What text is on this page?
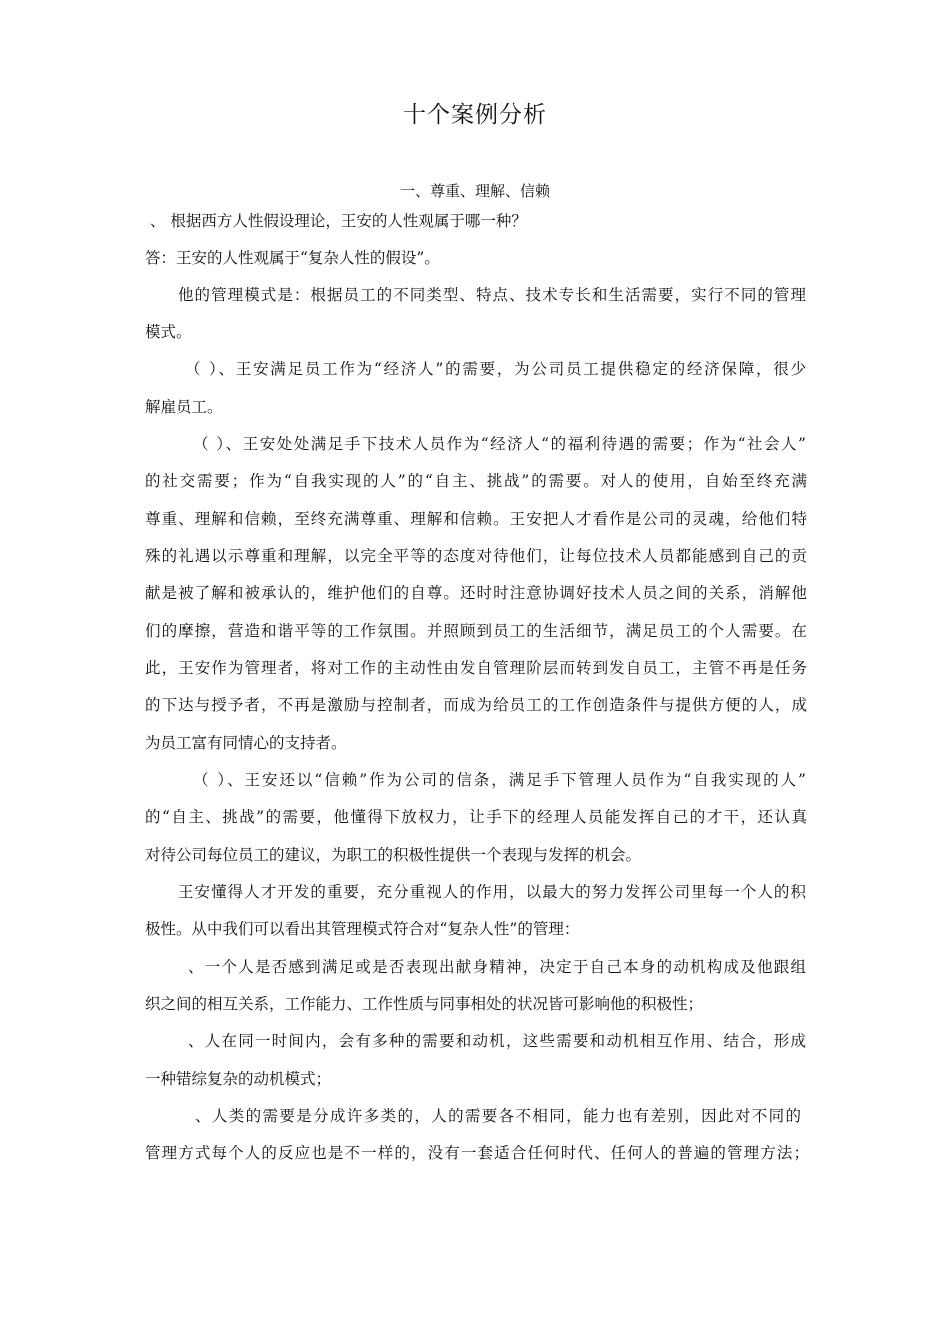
十个案例分析
一、尊重、理解、信赖
、 根据西方人性假设理论，王安的人性观属于哪一种？
答：王安的人性观属于“复杂人性的假设”。
他的管理模式是：根据员工的不同类型、特点、技术专长和生活需要，实行不同的管理
模式。
（ ）、王安满足员工作为“经济人”的需要，为公司员工提供稳定的经济保障，很少
解雇员工。
（ ）、王安处处满足手下技术人员作为“经济人“的福利待遇的需要；作为“社会人”
的社交需要；作为“自我实现的人”的“自主、挑战”的需要。对人的使用，自始至终充满
尊重、理解和信赖，至终充满尊重、理解和信赖。王安把人才看作是公司的灵魂，给他们特
殊的礼遇以示尊重和理解，以完全平等的态度对待他们，让每位技术人员都能感到自己的贡
献是被了解和被承认的，维护他们的自尊。还时时注意协调好技术人员之间的关系，消解他
们的摩擦，营造和谐平等的工作氛围。并照顾到员工的生活细节，满足员工的个人需要。在
此，王安作为管理者，将对工作的主动性由发自管理阶层而转到发自员工，主管不再是任务
的下达与授予者，不再是激励与控制者，而成为给员工的工作创造条件与提供方便的人，成
为员工富有同情心的支持者。
（ ）、王安还以“信赖”作为公司的信条，满足手下管理人员作为“自我实现的人”
的“自主、挑战”的需要，他懂得下放权力，让手下的经理人员能发挥自己的才干，还认真
对待公司每位员工的建议，为职工的积极性提供一个表现与发挥的机会。
王安懂得人才开发的重要，充分重视人的作用，以最大的努力发挥公司里每一个人的积
极性。从中我们可以看出其管理模式符合对“复杂人性”的管理：
、一个人是否感到满足或是否表现出献身精神，决定于自己本身的动机构成及他跟组
织之间的相互关系，工作能力、工作性质与同事相处的状况皆可影响他的积极性；
、人在同一时间内，会有多种的需要和动机，这些需要和动机相互作用、结合，形成
一种错综复杂的动机模式；
、人类的需要是分成许多类的，人的需要各不相同，能力也有差别，因此对不同的
管理方式每个人的反应也是不一样的，没有一套适合任何时代、任何人的普遍的管理方法；
